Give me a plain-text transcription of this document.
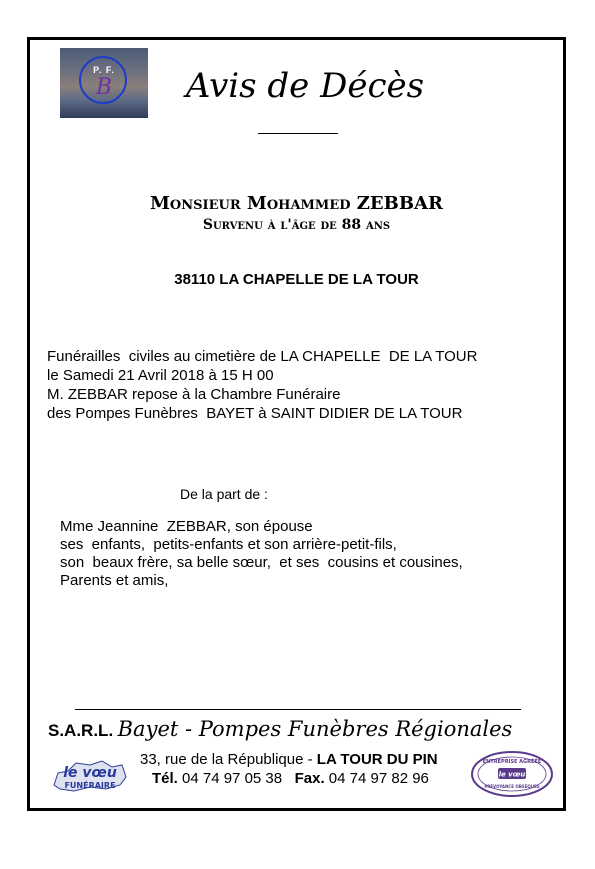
P. F.
B	Avis de Décès
Monsieur Mohammed ZEBBAR
Survenu à l'âge de 88 ans
38110 LA CHAPELLE DE LA TOUR
Funérailles  civiles au cimetière de LA CHAPELLE  DE LA TOUR
le Samedi 21 Avril 2018 à 15 H 00
M. ZEBBAR repose à la Chambre Funéraire
des Pompes Funèbres  BAYET à SAINT DIDIER DE LA TOUR
De la part de :
Mme Jeannine  ZEBBAR, son épouse
ses  enfants,  petits-enfants et son arrière-petit-fils,
son  beaux frère, sa belle sœur,  et ses  cousins et cousines,
Parents et amis,
S.A.R.L. Bayet - Pompes Funèbres Régionales
33, rue de la République - LA TOUR DU PIN
Tél. 04 74 97 05 38 Fax. 04 74 97 82 96
le vœu
FUNÉRAIRE
ENTREPRISE AGRÉÉE
le vœu
PRÉVOYANCE OBSÈQUES
